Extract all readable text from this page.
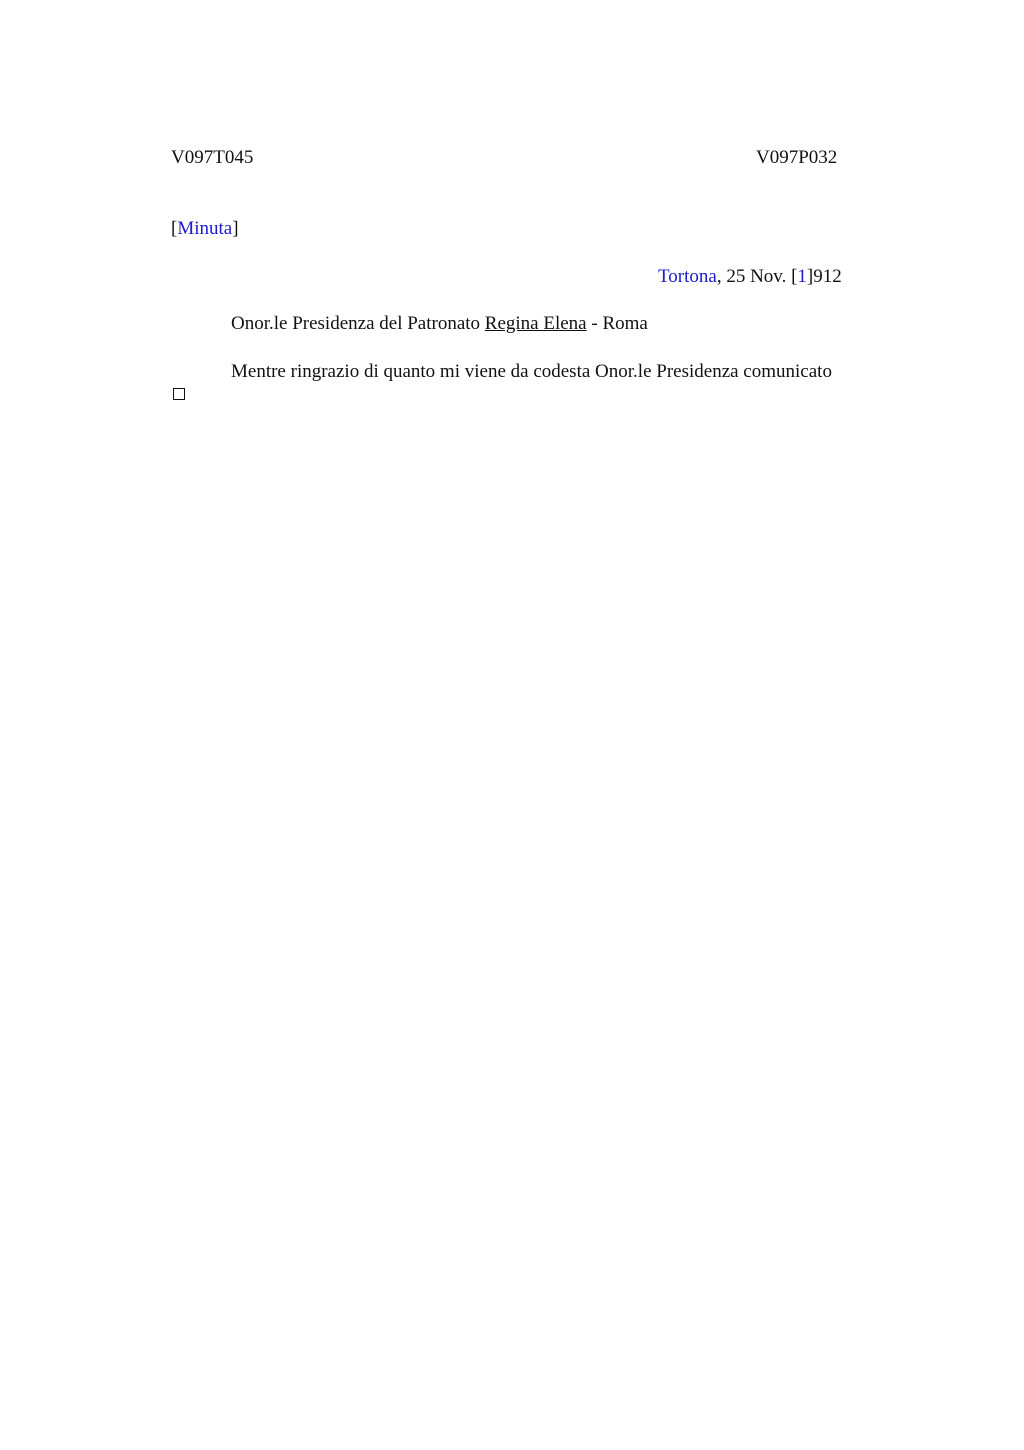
V097T045	V097P032
[Minuta]
Tortona, 25 Nov. [1]912
Onor.le Presidenza del Patronato Regina Elena - Roma
Mentre ringrazio di quanto mi viene da codesta Onor.le Presidenza comunicato
